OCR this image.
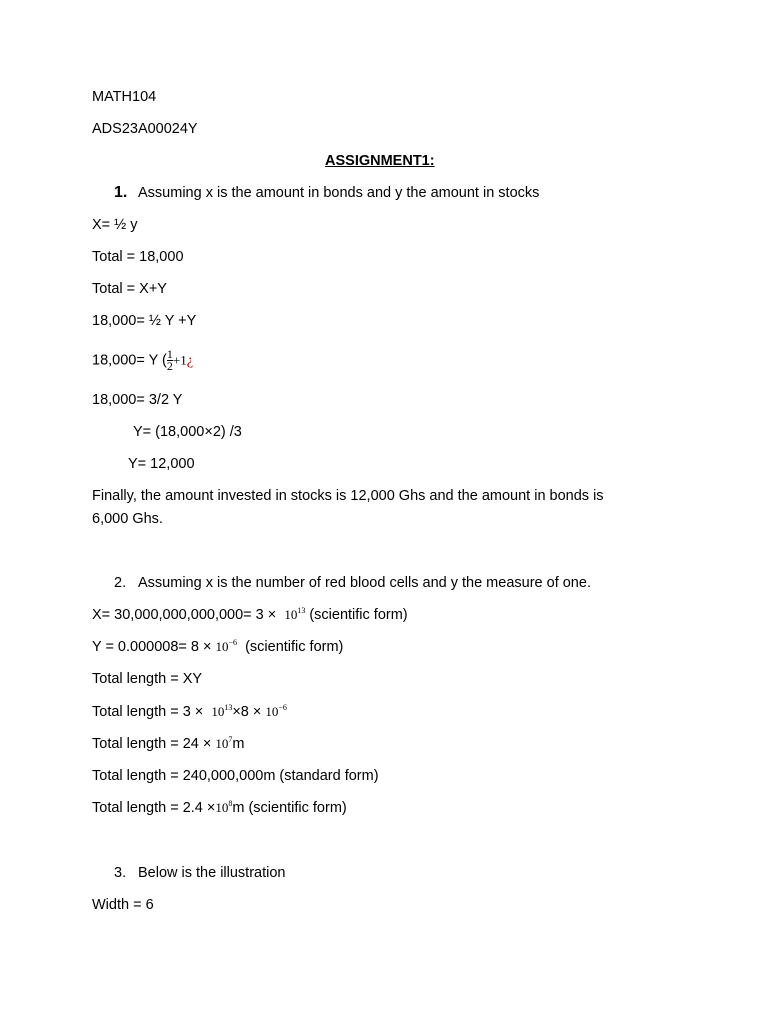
MATH104
ADS23A00024Y
ASSIGNMENT1:
1. Assuming x is the amount in bonds and y the amount in stocks
X= ½ y
Total = 18,000
Total = X+Y
18,000= ½ Y +Y
18,000= Y ( $\frac{1}{2}$ +1¿
18,000= 3/2 Y
Y= (18,000×2) /3
Y= 12,000
Finally, the amount invested in stocks is 12,000 Ghs and the amount in bonds is
6,000 Ghs.
2. Assuming x is the number of red blood cells and y the measure of one.
$X= 30,000,000,000,000= 3 \times 10^{13}$ (scientific form)
$Y = 0.000008= 8 \times 10^{-6}$ (scientific form)
Total length = XY
Total length = $3 \times 10^{13}\times 8 \times 10^{-6}$
Total length = $24 \times 10^7m$
Total length = 240,000,000m (standard form)
Total length = $2.4 \times 10^8m$ (scientific form)
3. Below is the illustration
Width = 6
